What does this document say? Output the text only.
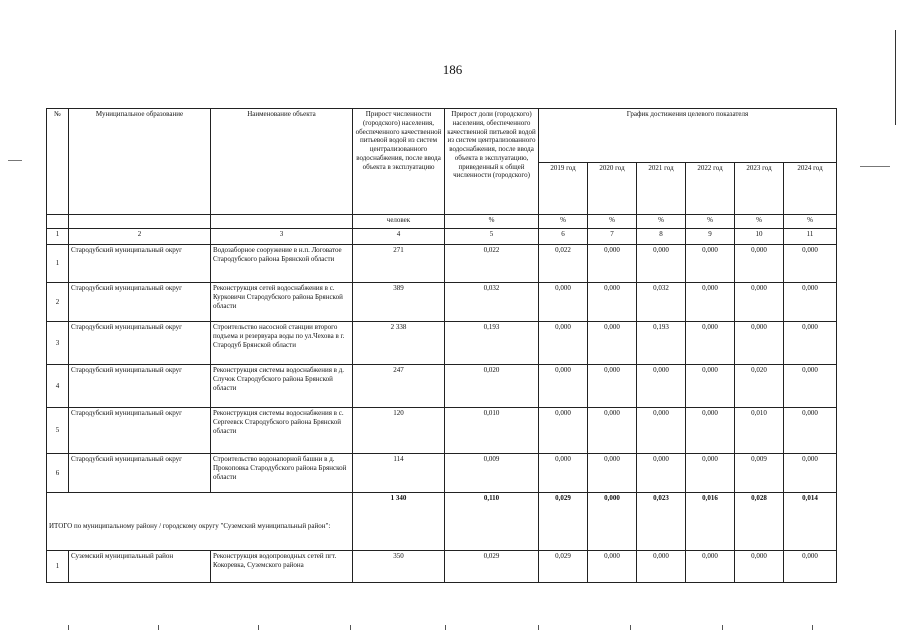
186
№	Муниципальное образование	Наименование объекта	Прирост численности (городского) населения, обеспеченного качественной питьевой водой из систем централизованного водоснабжения, после ввода объекта в эксплуатацию	Прирост доли (городского) населения, обеспеченного качественной питьевой водой из систем централизованного водоснабжения, после ввода объекта в эксплуатацию, приведенный к общей численности (городского)	График достижения целевого показателя					
					2019 год	2020 год	2021 год	2022 год	2023 год	2024 год
			человек	%	%	%	%	%	%	%
1	2	3	4	5	6	7	8	9	10	11
1	Стародубский муниципальный округ	Водозаборное сооружение в н.п. Логоватое Стародубского района Брянской области	271	0,022	0,022	0,000	0,000	0,000	0,000	0,000
2	Стародубский муниципальный округ	Реконструкция сетей водоснабжения в с. Курковичи Стародубского района Брянской области	389	0,032	0,000	0,000	0,032	0,000	0,000	0,000
3	Стародубский муниципальный округ	Строительство насосной станции второго подъема и резервуара воды по ул.Чехова в г. Стародуб Брянской области	2 338	0,193	0,000	0,000	0,193	0,000	0,000	0,000
4	Стародубский муниципальный округ	Реконструкция системы водоснабжения в д. Случок Стародубского района Брянской области	247	0,020	0,000	0,000	0,000	0,000	0,020	0,000
5	Стародубский муниципальный округ	Реконструкция системы водоснабжения в с. Сергеевск Стародубского района Брянской области	120	0,010	0,000	0,000	0,000	0,000	0,010	0,000
6	Стародубский муниципальный округ	Строительство водонапорной башни в д. Прокоповка Стародубского района Брянской области	114	0,009	0,000	0,000	0,000	0,000	0,009	0,000
ИТОГО по муниципальному району / городскому округу "Суземский муниципальный район":			1 340	0,110	0,029	0,000	0,023	0,016	0,028	0,014
1	Суземский муниципальный район	Реконструкция водопроводных сетей пгт. Кокоревка, Суземского района	350	0,029	0,029	0,000	0,000	0,000	0,000	0,000
